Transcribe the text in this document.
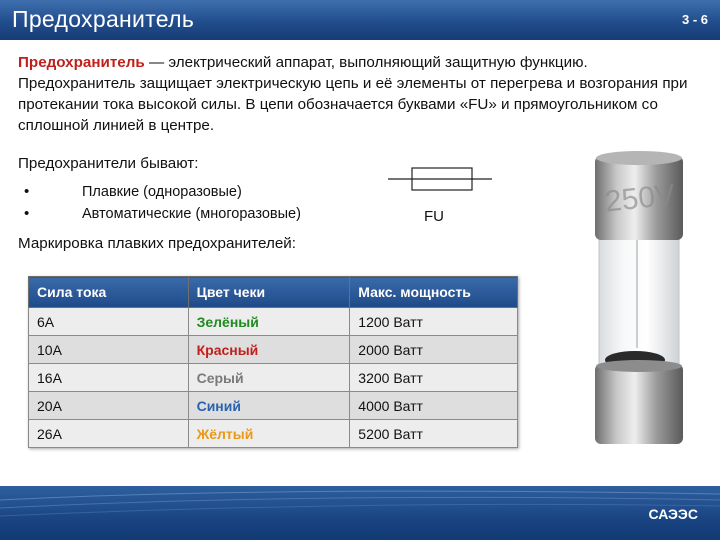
Предохранитель	3 - 6
Предохранитель — электрический аппарат, выполняющий защитную функцию. Предохранитель защищает электрическую цепь и её элементы от перегрева и возгорания при протекании тока высокой силы. В цепи обозначается буквами «FU» и прямоугольником со сплошной линией в центре.
Предохранители бывают:
•	Плавкие (одноразовые)
•	Автоматические (многоразовые)	FU
Маркировка плавких предохранителей:
Сила тока	Цвет чеки	Макс. мощность
6A	Зелёный	1200 Ватт
10A	Красный	2000 Ватт
16A	Серый	3200 Ватт
20A	Синий	4000 Ватт
26A	Жёлтый	5200 Ватт
250V
САЭЭС
